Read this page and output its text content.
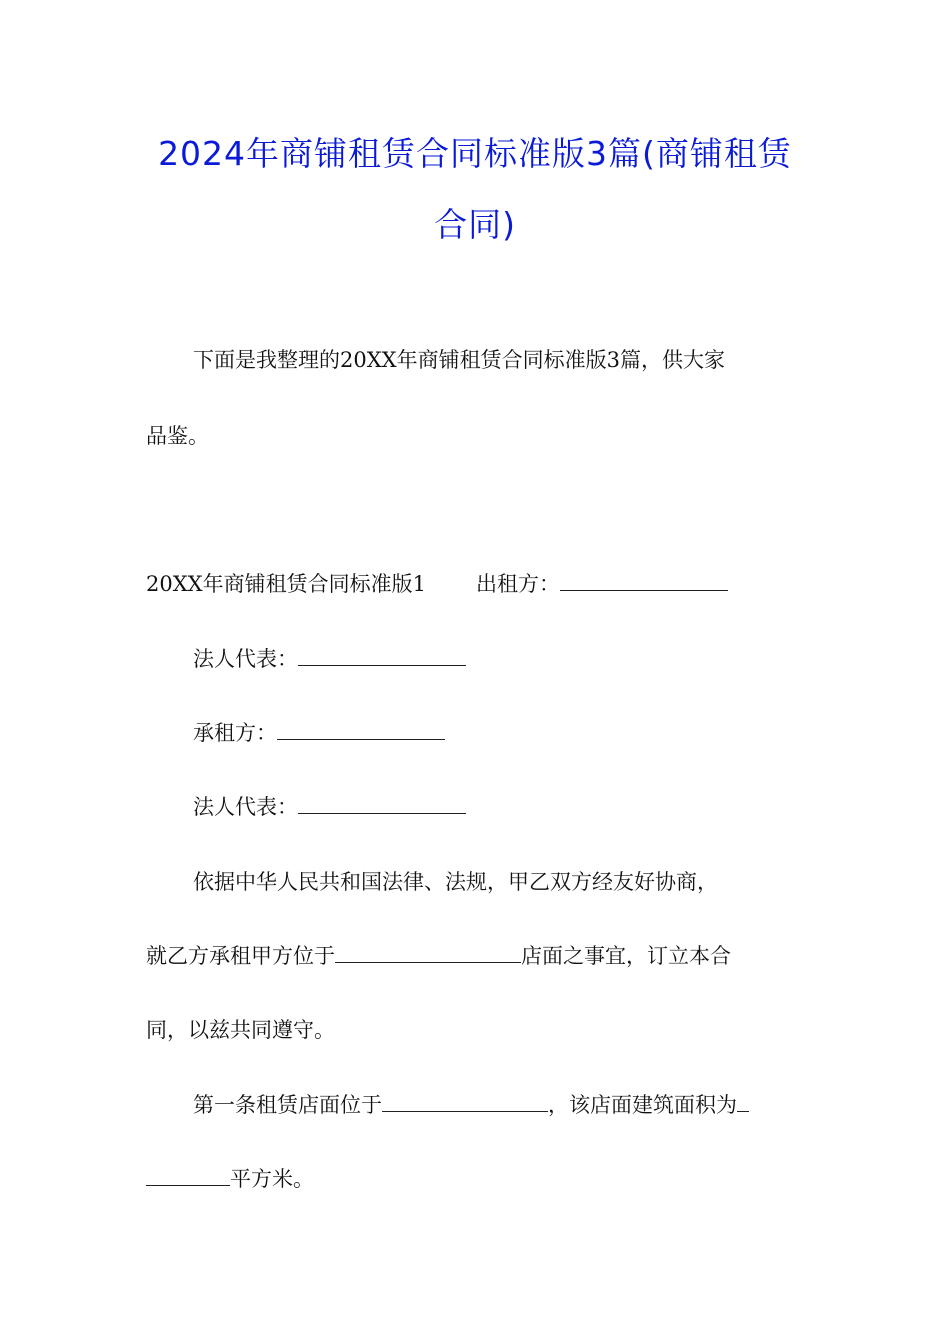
2024年商铺租赁合同标准版3篇(商铺租赁
合同)
下面是我整理的20XX年商铺租赁合同标准版3篇，供大家
品鉴。
20XX年商铺租赁合同标准版1 出租方：
法人代表：
承租方：
法人代表：
依据中华人民共和国法律、法规，甲乙双方经友好协商，
就乙方承租甲方位于	店面之事宜，订立本合
同，以兹共同遵守。
第一条租赁店面位于	，该店面建筑面积为
平方米。
